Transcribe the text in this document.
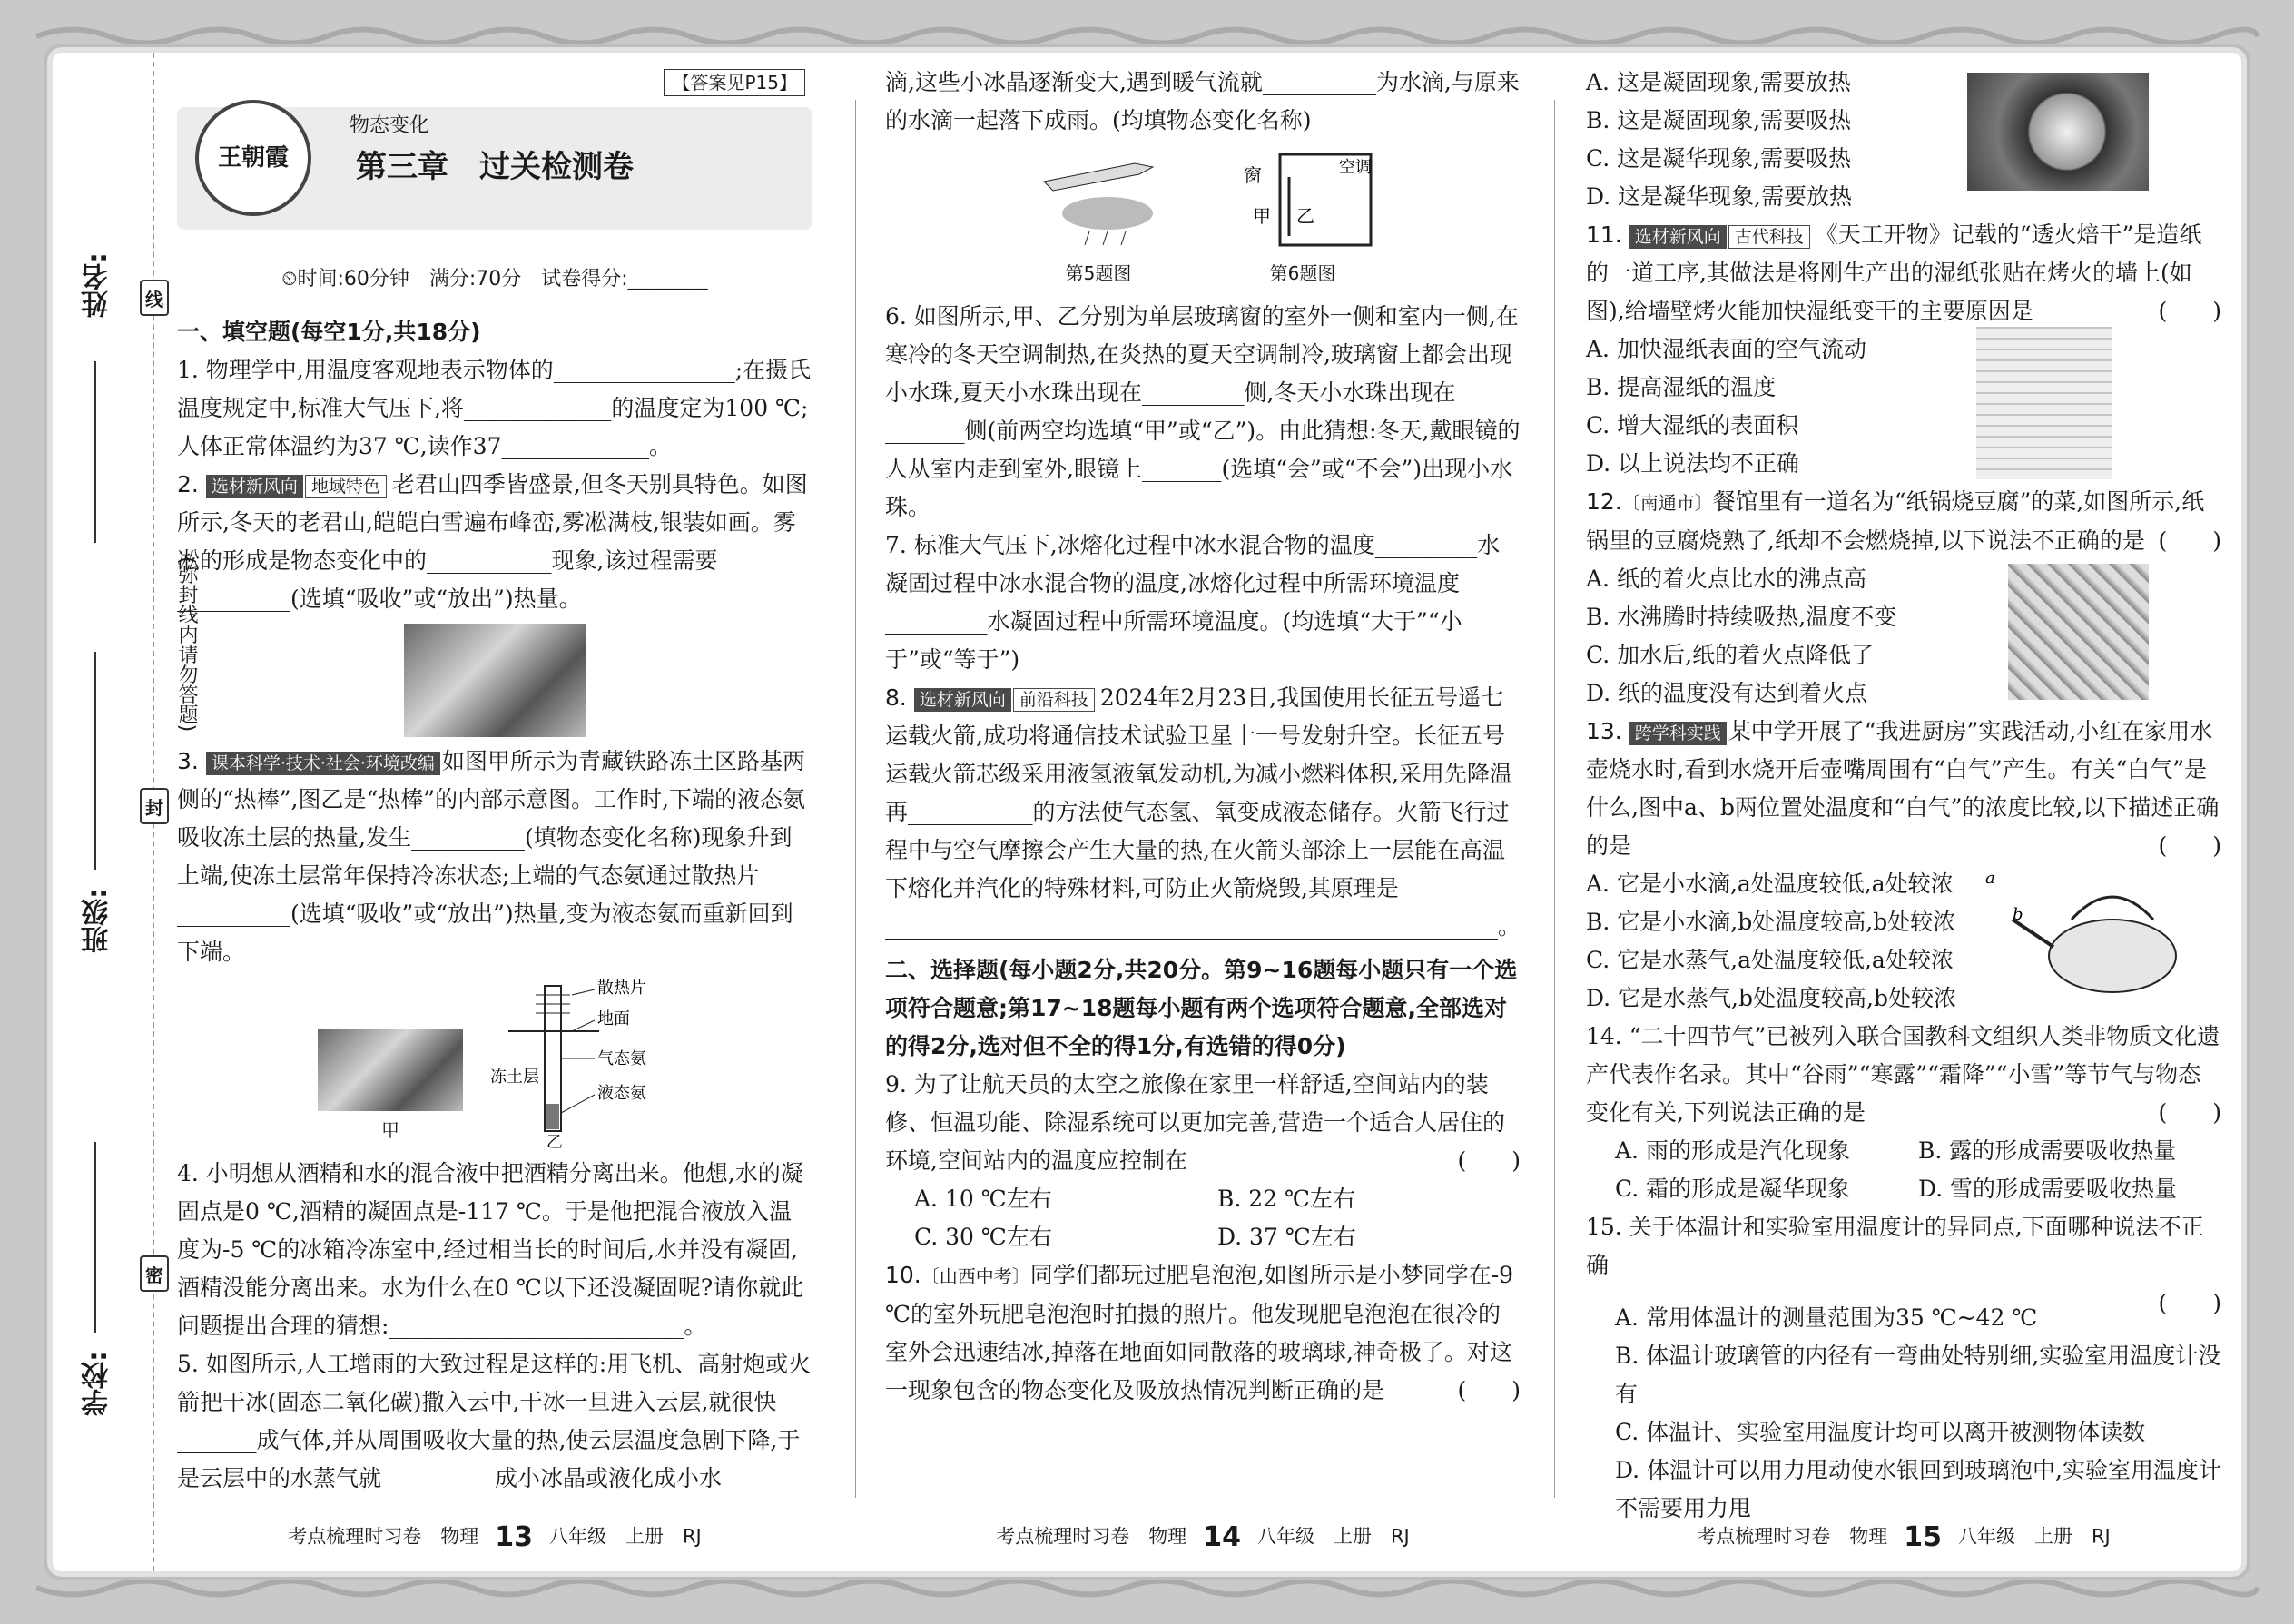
姓名:
班级:
学校:
线
封
密
(弥封线内请勿答题)
【答案见P15】
王朝霞
物态变化
第三章　过关检测卷
⏲时间:60分钟　满分:70分　试卷得分:________
一、填空题(每空1分,共18分)

1. 物理学中,用温度客观地表示物体的________________;在摄氏温度规定中,标准大气压下,将_____________的温度定为100 ℃;人体正常体温约为37 ℃,读作37_____________。

2. 选材新风向 地域特色 老君山四季皆盛景,但冬天别具特色。如图所示,冬天的老君山,皑皑白雪遍布峰峦,雾凇满枝,银装如画。雾凇的形成是物态变化中的___________现象,该过程需要__________(选填“吸收”或“放出”)热量。

3. 课本科学·技术·社会·环境改编 如图甲所示为青藏铁路冻土区路基两侧的“热棒”,图乙是“热棒”的内部示意图。工作时,下端的液态氨吸收冻土层的热量,发生__________(填物态变化名称)现象升到上端,使冻土层常年保持冷冻状态;上端的气态氨通过散热片__________(选填“吸收”或“放出”)热量,变为液态氨而重新回到下端。

甲
散热片
地面
气态氨
液态氨
冻土层
乙

4. 小明想从酒精和水的混合液中把酒精分离出来。他想,水的凝固点是0 ℃,酒精的凝固点是-117 ℃。于是他把混合液放入温度为-5 ℃的冰箱冷冻室中,经过相当长的时间后,水并没有凝固,酒精没能分离出来。水为什么在0 ℃以下还没凝固呢?请你就此问题提出合理的猜想:__________________________。

5. 如图所示,人工增雨的大致过程是这样的:用飞机、高射炮或火箭把干冰(固态二氧化碳)撒入云中,干冰一旦进入云层,就很快_______成气体,并从周围吸收大量的热,使云层温度急剧下降,于是云层中的水蒸气就__________成小冰晶或液化成小水

滴,这些小冰晶逐渐变大,遇到暖气流就__________为水滴,与原来的水滴一起落下成雨。(均填物态变化名称)

第5题图
窗	空调
甲 乙
第6题图

6. 如图所示,甲、乙分别为单层玻璃窗的室外一侧和室内一侧,在寒冷的冬天空调制热,在炎热的夏天空调制冷,玻璃窗上都会出现小水珠,夏天小水珠出现在_________侧,冬天小水珠出现在_______侧(前两空均选填“甲”或“乙”)。由此猜想:冬天,戴眼镜的人从室内走到室外,眼镜上_______(选填“会”或“不会”)出现小水珠。

7. 标准大气压下,冰熔化过程中冰水混合物的温度_________水凝固过程中冰水混合物的温度,冰熔化过程中所需环境温度_________水凝固过程中所需环境温度。(均选填“大于”“小于”或“等于”)

8. 选材新风向 前沿科技 2024年2月23日,我国使用长征五号遥七运载火箭,成功将通信技术试验卫星十一号发射升空。长征五号运载火箭芯级采用液氢液氧发动机,为减小燃料体积,采用先降温再___________的方法使气态氢、氧变成液态储存。火箭飞行过程中与空气摩擦会产生大量的热,在火箭头部涂上一层能在高温下熔化并汽化的特殊材料,可防止火箭烧毁,其原理是______________________________________________________。

二、选择题(每小题2分,共20分。第9~16题每小题只有一个选项符合题意;第17~18题每小题有两个选项符合题意,全部选对的得2分,选对但不全的得1分,有选错的得0分)

9. 为了让航天员的太空之旅像在家里一样舒适,空间站内的装修、恒温功能、除湿系统可以更加完善,营造一个适合人居住的环境,空间站内的温度应控制在	(　　)

A. 10 ℃左右	B. 22 ℃左右
C. 30 ℃左右	D. 37 ℃左右

10.〔山西中考〕同学们都玩过肥皂泡泡,如图所示是小梦同学在-9 ℃的室外玩肥皂泡泡时拍摄的照片。他发现肥皂泡泡在很冷的室外会迅速结冰,掉落在地面如同散落的玻璃球,神奇极了。对这一现象包含的物态变化及吸放热情况判断正确的是	(　　)

A. 这是凝固现象,需要放热
B. 这是凝固现象,需要吸热
C. 这是凝华现象,需要吸热
D. 这是凝华现象,需要放热

11. 选材新风向 古代科技 《天工开物》记载的“透火焙干”是造纸的一道工序,其做法是将刚生产出的湿纸张贴在烤火的墙上(如图),给墙壁烤火能加快湿纸变干的主要原因是	(　　)

A. 加快湿纸表面的空气流动
B. 提高湿纸的温度
C. 增大湿纸的表面积
D. 以上说法均不正确

12.〔南通市〕餐馆里有一道名为“纸锅烧豆腐”的菜,如图所示,纸锅里的豆腐烧熟了,纸却不会燃烧掉,以下说法不正确的是 (　　)

A. 纸的着火点比水的沸点高
B. 水沸腾时持续吸热,温度不变
C. 加水后,纸的着火点降低了
D. 纸的温度没有达到着火点

13. 跨学科实践 某中学开展了“我进厨房”实践活动,小红在家用水壶烧水时,看到水烧开后壶嘴周围有“白气”产生。有关“白气”是什么,图中a、b两位置处温度和“白气”的浓度比较,以下描述正确的是	(　　)

a
b
A. 它是小水滴,a处温度较低,a处较浓
B. 它是小水滴,b处温度较高,b处较浓
C. 它是水蒸气,a处温度较低,a处较浓
D. 它是水蒸气,b处温度较高,b处较浓

14. “二十四节气”已被列入联合国教科文组织人类非物质文化遗产代表作名录。其中“谷雨”“寒露”“霜降”“小雪”等节气与物态变化有关,下列说法正确的是	(　　)

A. 雨的形成是汽化现象	B. 露的形成需要吸收热量
C. 霜的形成是凝华现象	D. 雪的形成需要吸收热量

15. 关于体温计和实验室用温度计的异同点,下面哪种说法不正确

(　　)

A. 常用体温计的测量范围为35 ℃~42 ℃
B. 体温计玻璃管的内径有一弯曲处特别细,实验室用温度计没有
C. 体温计、实验室用温度计均可以离开被测物体读数
D. 体温计可以用力甩动使水银回到玻璃泡中,实验室用温度计不需要用力甩
考点梳理时习卷　物理 13 八年级　上册　RJ	考点梳理时习卷　物理 14 八年级　上册　RJ	考点梳理时习卷　物理 15 八年级　上册　RJ
